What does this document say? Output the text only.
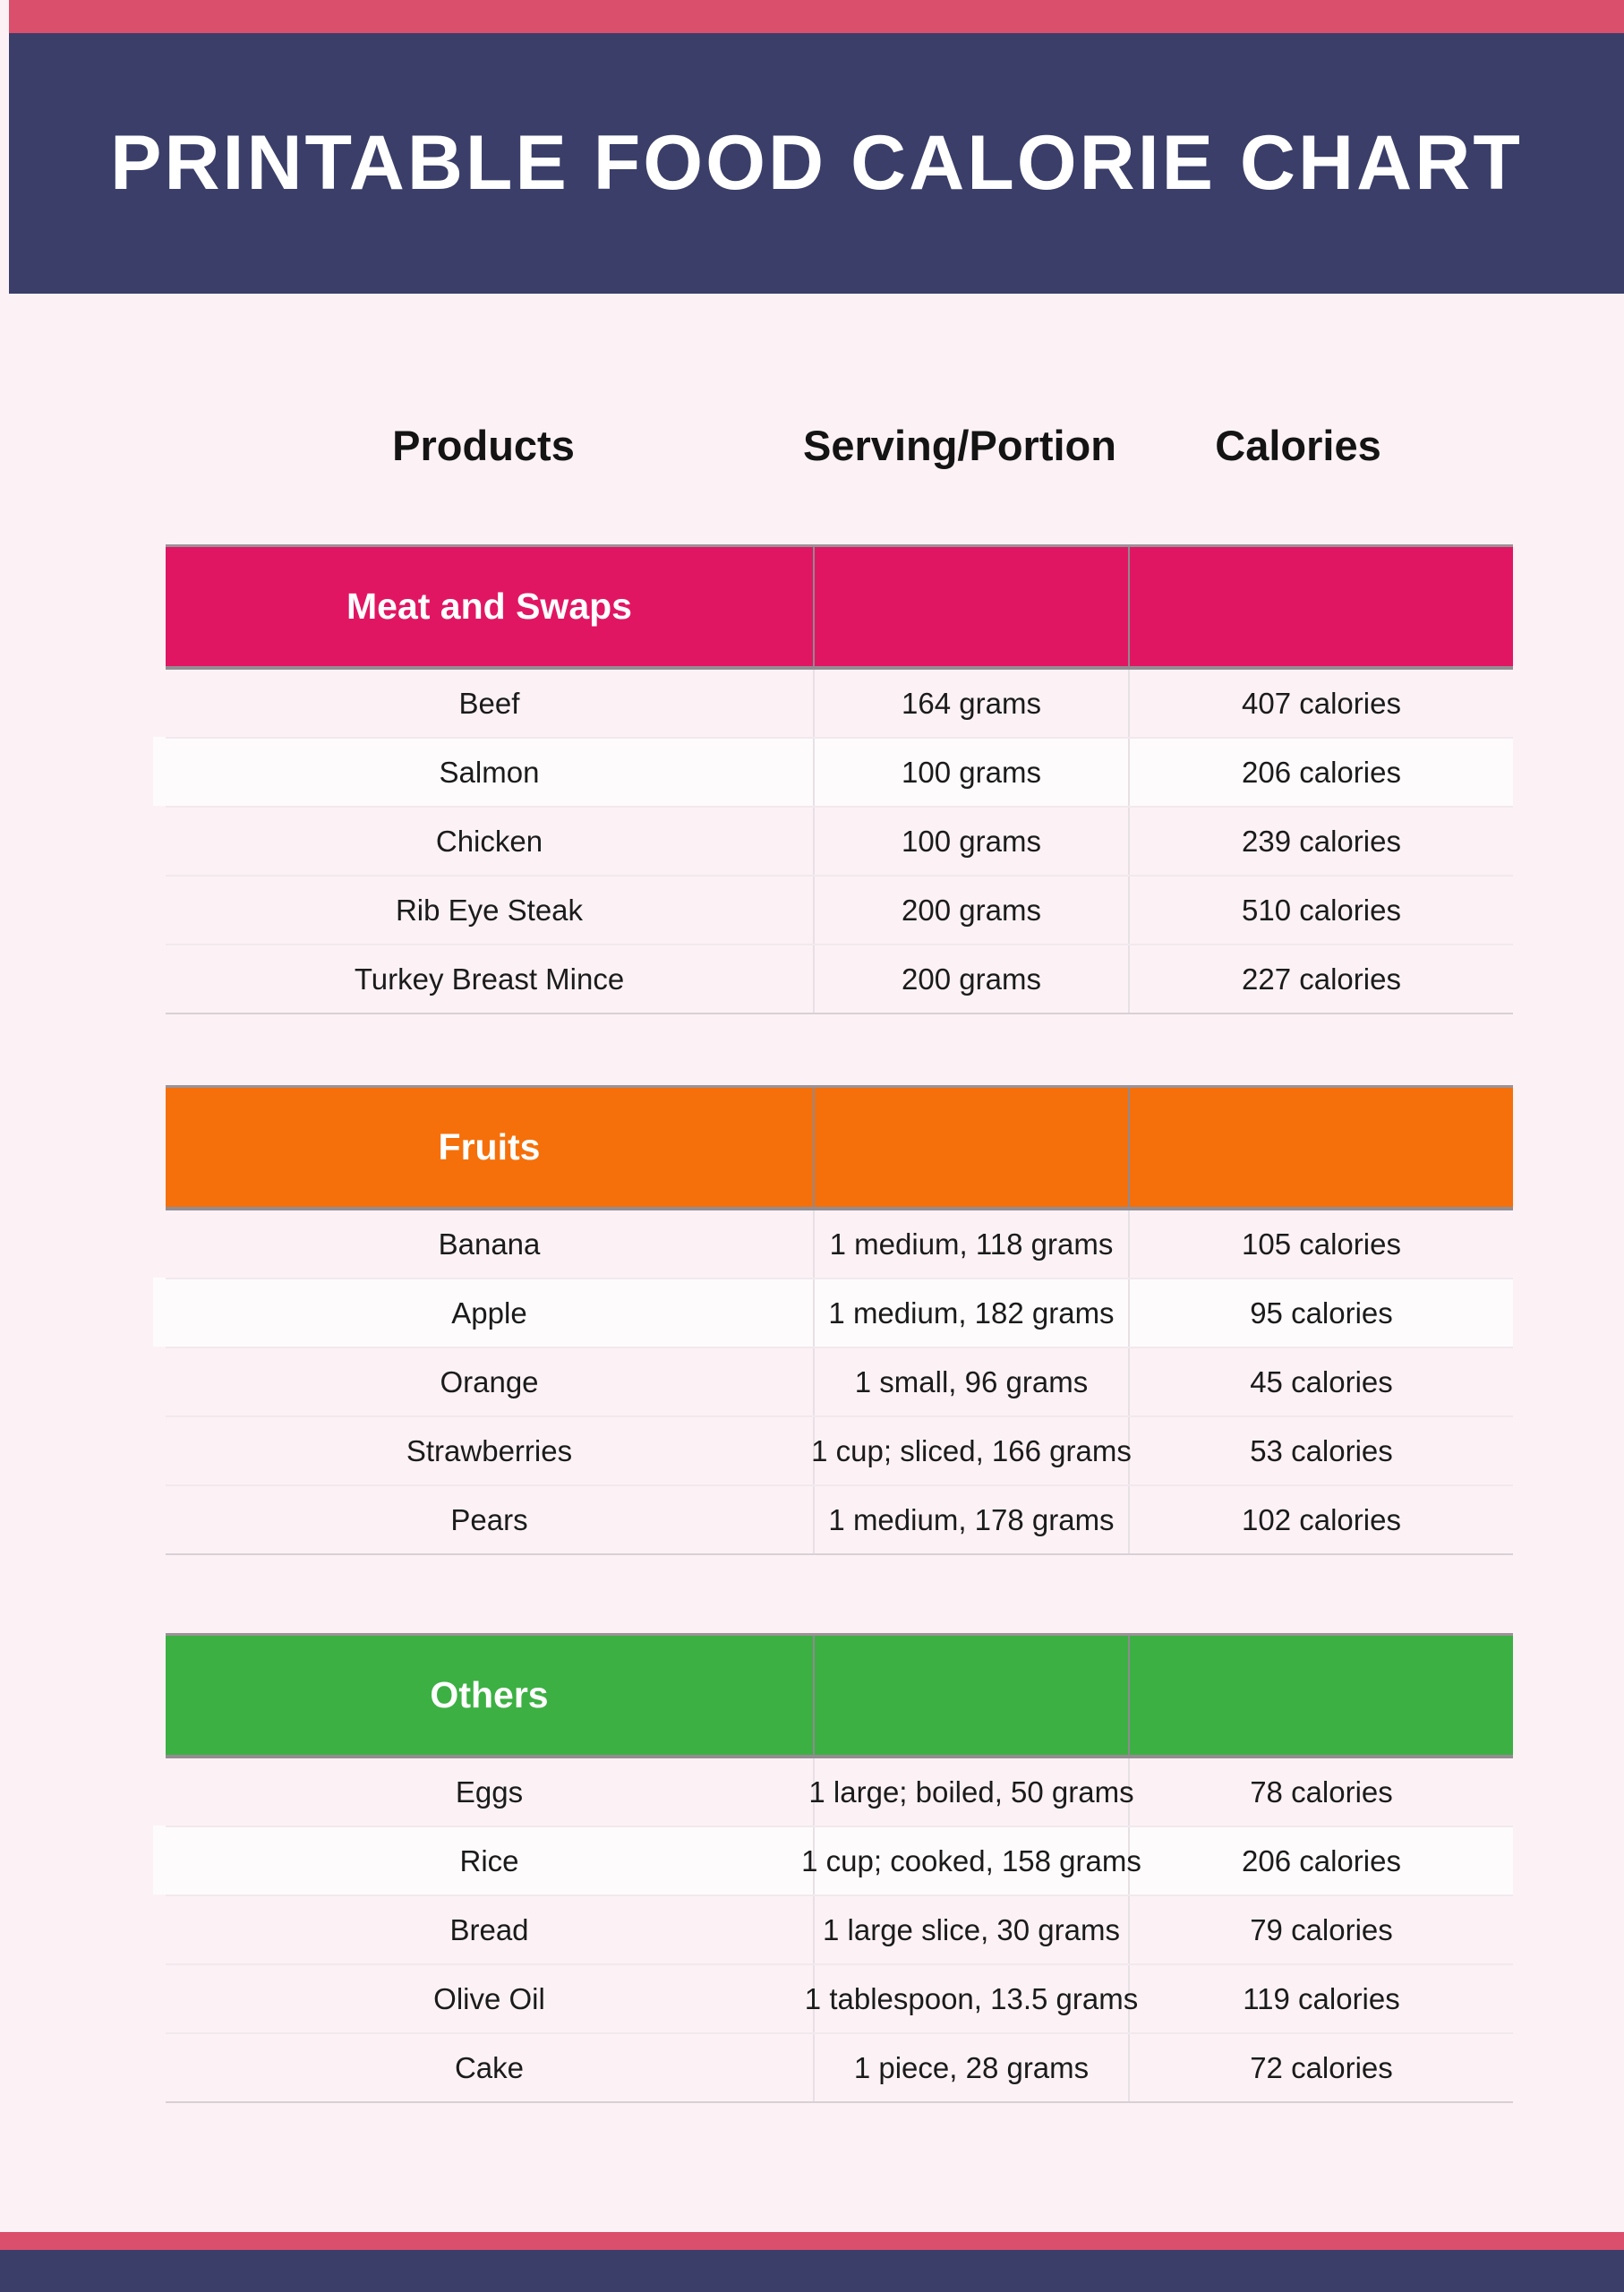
PRINTABLE FOOD CALORIE CHART
Products	Serving/Portion Calories
Meat and Swaps
Beef	164 grams	407 calories
Salmon	100 grams	206 calories
Chicken	100 grams	239 calories
Rib Eye Steak	200 grams	510 calories
Turkey Breast Mince	200 grams	227 calories
Fruits
Banana	1 medium, 118 grams	105 calories
Apple	1 medium, 182 grams	95 calories
Orange	1 small, 96 grams	45 calories
Strawberries	1 cup; sliced, 166 grams	53 calories
Pears	1 medium, 178 grams	102 calories
Others
Eggs	1 large; boiled, 50 grams	78 calories
Rice	1 cup; cooked, 158 grams	206 calories
Bread	1 large slice, 30 grams	79 calories
Olive Oil	1 tablespoon, 13.5 grams	119 calories
Cake	1 piece, 28 grams	72 calories
